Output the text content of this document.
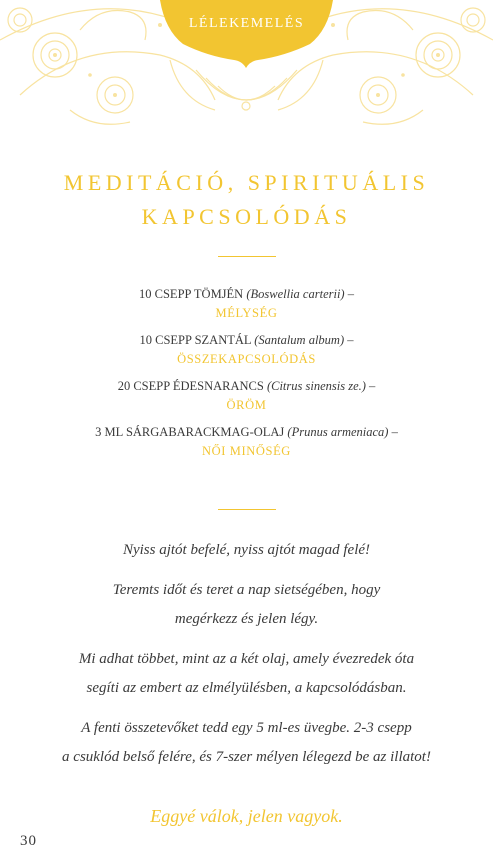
LÉLEKEMELÉS
MEDITÁCIÓ, SPIRITUÁLIS
KAPCSOLÓDÁS
10 CSEPP TÖMJÉN (Boswellia carterii) –
MÉLYSÉG
10 CSEPP SZANTÁL (Santalum album) –
ÖSSZEKAPCSOLÓDÁS
20 CSEPP ÉDESNARANCS (Citrus sinensis ze.) –
ÖRÖM
3 ML SÁRGABARACKMAG-OLAJ (Prunus armeniaca) –
NŐI MINŐSÉG

Nyiss ajtót befelé, nyiss ajtót magad felé!

Teremts időt és teret a nap sietségében, hogy
megérkezz és jelen légy.

Mi adhat többet, mint az a két olaj, amely évezredek óta
segíti az embert az elmélyülésben, a kapcsolódásban.

A fenti összetevőket tedd egy 5 ml-es üvegbe. 2-3 csepp
a csuklód belső felére, és 7-szer mélyen lélegezd be az illatot!

Eggyé válok, jelen vagyok.
30
